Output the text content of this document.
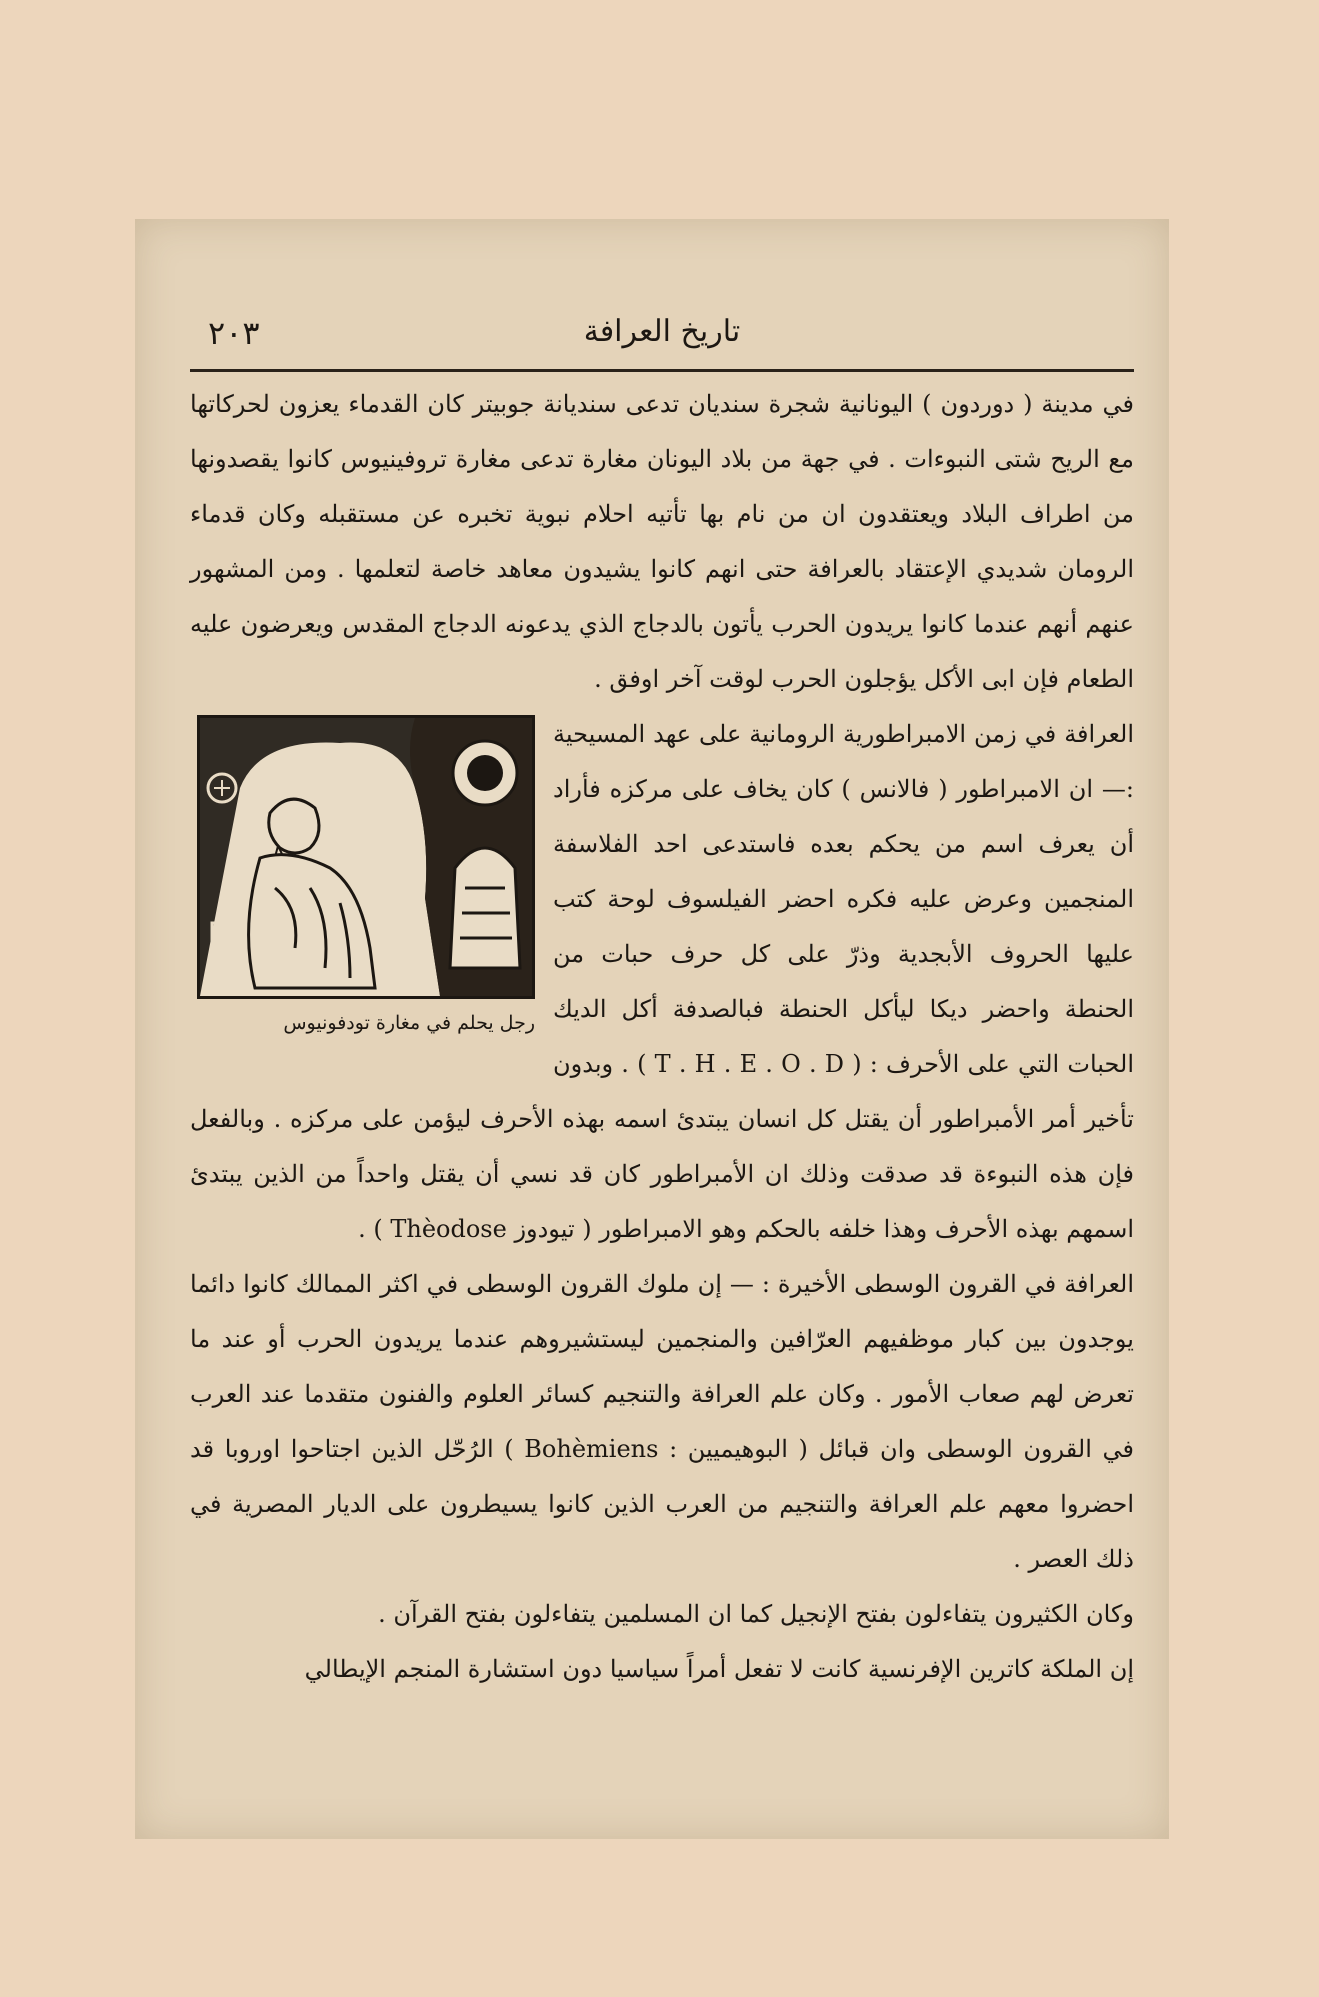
تاريخ العرافة
٢٠٣

في مدينة ( دوردون ) اليونانية شجرة سنديان تدعى سنديانة جوبيتر كان القدماء يعزون لحركاتها مع الريح شتى النبوءات . في جهة من بلاد اليونان مغارة تدعى مغارة تروفينيوس كانوا يقصدونها من اطراف البلاد ويعتقدون ان من نام بها تأتيه احلام نبوية تخبره عن مستقبله وكان قدماء الرومان شديدي الإعتقاد بالعرافة حتى انهم كانوا يشيدون معاهد خاصة لتعلمها . ومن المشهور عنهم أنهم عندما كانوا يريدون الحرب يأتون بالدجاج الذي يدعونه الدجاج المقدس ويعرضون عليه الطعام فإن ابى الأكل يؤجلون الحرب لوقت آخر اوفق .

رجل يحلم في مغارة تودفونيوس

العرافة في زمن الامبراطورية الرومانية على عهد المسيحية :— ان الامبراطور ( فالانس ) كان يخاف على مركزه فأراد أن يعرف اسم من يحكم بعده فاستدعى احد الفلاسفة المنجمين وعرض عليه فكره احضر الفيلسوف لوحة كتب عليها الحروف الأبجدية وذرّ على كل حرف حبات من الحنطة واحضر ديكا ليأكل الحنطة فبالصدفة أكل الديك الحبات التي على الأحرف : ( T . H . E . O . D ) . وبدون تأخير أمر الأمبراطور أن يقتل كل انسان يبتدئ اسمه بهذه الأحرف ليؤمن على مركزه . وبالفعل فإن هذه النبوءة قد صدقت وذلك ان الأمبراطور كان قد نسي أن يقتل واحداً من الذين يبتدئ اسمهم بهذه الأحرف وهذا خلفه بالحكم وهو الامبراطور ( تيودوز Thèodose ) .

العرافة في القرون الوسطى الأخيرة : — إن ملوك القرون الوسطى في اكثر الممالك كانوا دائما يوجدون بين كبار موظفيهم العرّافين والمنجمين ليستشيروهم عندما يريدون الحرب أو عند ما تعرض لهم صعاب الأمور . وكان علم العرافة والتنجيم كسائر العلوم والفنون متقدما عند العرب في القرون الوسطى وان قبائل ( البوهيميين : Bohèmiens ) الرُحّل الذين اجتاحوا اوروبا قد احضروا معهم علم العرافة والتنجيم من العرب الذين كانوا يسيطرون على الديار المصرية في ذلك العصر .

وكان الكثيرون يتفاءلون بفتح الإنجيل كما ان المسلمين يتفاءلون بفتح القرآن .

إن الملكة كاترين الإفرنسية كانت لا تفعل أمراً سياسيا دون استشارة المنجم الإيطالي
